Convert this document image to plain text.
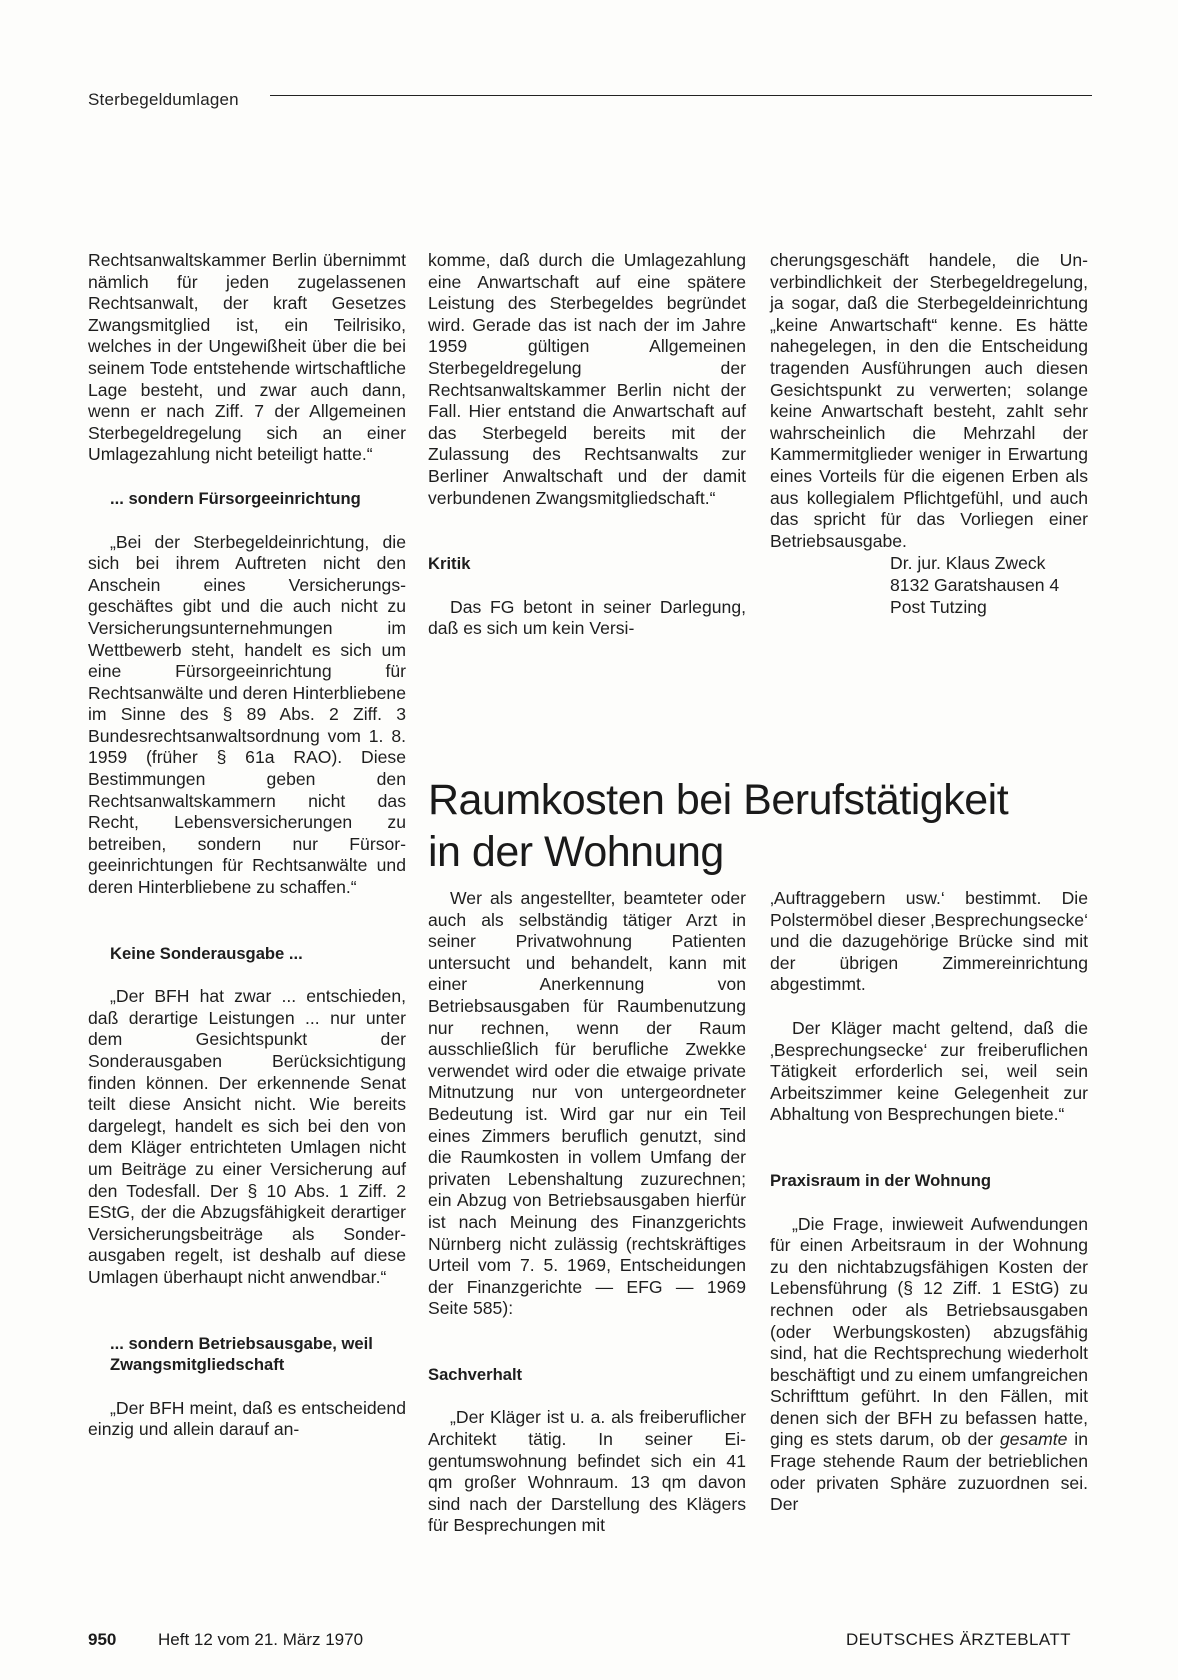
Sterbegeldumlagen

Rechtsanwaltskammer Berlin übernimmt nämlich für jeden zugelassenen Rechtsanwalt, der kraft Gesetzes Zwangsmitglied ist, ein Teilrisiko, welches in der Ungewißheit über die bei seinem Tode entstehende wirtschaftliche Lage besteht, und zwar auch dann, wenn er nach Ziff. 7 der Allgemeinen Sterbegeldregelung sich an einer Umlagezahlung nicht beteiligt hatte.“

... sondern Fürsorgeeinrichtung

„Bei der Sterbegeldeinrichtung, die sich bei ihrem Auftreten nicht den Anschein eines Versicherungsgeschäftes gibt und die auch nicht zu Versicherungsunternehmungen im Wettbewerb steht, handelt es sich um eine Fürsorgeeinrichtung für Rechtsanwälte und deren Hinterbliebene im Sinne des § 89 Abs. 2 Ziff. 3 Bundesrechtsanwaltsordnung vom 1. 8. 1959 (früher § 61a RAO). Diese Bestimmungen geben den Rechtsanwaltskammern nicht das Recht, Lebensversicherungen zu betreiben, sondern nur Fürsorgeeinrichtungen für Rechtsanwälte und deren Hinterbliebene zu schaffen.“

Keine Sonderausgabe ...

„Der BFH hat zwar ... entschieden, daß derartige Leistungen ... nur unter dem Gesichtspunkt der Sonderausgaben Berücksichtigung finden können. Der erkennende Senat teilt diese Ansicht nicht. Wie bereits dargelegt, handelt es sich bei den von dem Kläger entrichteten Umlagen nicht um Beiträge zu einer Versicherung auf den Todesfall. Der § 10 Abs. 1 Ziff. 2 EStG, der die Abzugsfähigkeit derartiger Versicherungsbeiträge als Sonderausgaben regelt, ist deshalb auf diese Umlagen überhaupt nicht anwendbar.“

... sondern Betriebsausgabe, weil Zwangsmitgliedschaft

„Der BFH meint, daß es entscheidend einzig und allein darauf an-

komme, daß durch die Umlagezahlung eine Anwartschaft auf eine spätere Leistung des Sterbegeldes begründet wird. Gerade das ist nach der im Jahre 1959 gültigen Allgemeinen Sterbegeldregelung der Rechtsanwaltskammer Berlin nicht der Fall. Hier entstand die Anwartschaft auf das Sterbegeld bereits mit der Zulassung des Rechtsanwalts zur Berliner Anwaltschaft und der damit verbundenen Zwangsmitgliedschaft.“

Kritik

Das FG betont in seiner Darlegung, daß es sich um kein Versi-

cherungsgeschäft handele, die Unverbindlichkeit der Sterbegeldregelung, ja sogar, daß die Sterbegeldeinrichtung „keine Anwartschaft“ kenne. Es hätte nahegelegen, in den die Entscheidung tragenden Ausführungen auch diesen Gesichtspunkt zu verwerten; solange keine Anwartschaft besteht, zahlt sehr wahrscheinlich die Mehrzahl der Kammermitglieder weniger in Erwartung eines Vorteils für die eigenen Erben als aus kollegialem Pflichtgefühl, und auch das spricht für das Vorliegen einer Betriebsausgabe.

Dr. jur. Klaus Zweck

8132 Garatshausen 4

Post Tutzing

Raumkosten bei Berufstätigkeit
in der Wohnung

Wer als angestellter, beamteter oder auch als selbständig tätiger Arzt in seiner Privatwohnung Patienten untersucht und behandelt, kann mit einer Anerkennung von Betriebsausgaben für Raumbenutzung nur rechnen, wenn der Raum ausschließlich für berufliche Zwekke verwendet wird oder die etwaige private Mitnutzung nur von untergeordneter Bedeutung ist. Wird gar nur ein Teil eines Zimmers beruflich genutzt, sind die Raumkosten in vollem Umfang der privaten Lebenshaltung zuzurechnen; ein Abzug von Betriebsausgaben hierfür ist nach Meinung des Finanzgerichts Nürnberg nicht zulässig (rechtskräftiges Urteil vom 7. 5. 1969, Entscheidungen der Finanzgerichte — EFG — 1969 Seite 585):

Sachverhalt

„Der Kläger ist u. a. als freiberuflicher Architekt tätig. In seiner Eigentumswohnung befindet sich ein 41 qm großer Wohnraum. 13 qm davon sind nach der Darstellung des Klägers für Besprechungen mit

‚Auftraggebern usw.‘ bestimmt. Die Polstermöbel dieser ‚Besprechungsecke‘ und die dazugehörige Brücke sind mit der übrigen Zimmereinrichtung abgestimmt.

Der Kläger macht geltend, daß die ‚Besprechungsecke‘ zur freiberuflichen Tätigkeit erforderlich sei, weil sein Arbeitszimmer keine Gelegenheit zur Abhaltung von Besprechungen biete.“

Praxisraum in der Wohnung

„Die Frage, inwieweit Aufwendungen für einen Arbeitsraum in der Wohnung zu den nichtabzugsfähigen Kosten der Lebensführung (§ 12 Ziff. 1 EStG) zu rechnen oder als Betriebsausgaben (oder Werbungskosten) abzugsfähig sind, hat die Rechtsprechung wiederholt beschäftigt und zu einem umfangreichen Schrifttum geführt. In den Fällen, mit denen sich der BFH zu befassen hatte, ging es stets darum, ob der gesamte in Frage stehende Raum der betrieblichen oder privaten Sphäre zuzuordnen sei. Der

950 Heft 12 vom 21. März 1970	DEUTSCHES ÄRZTEBLATT
